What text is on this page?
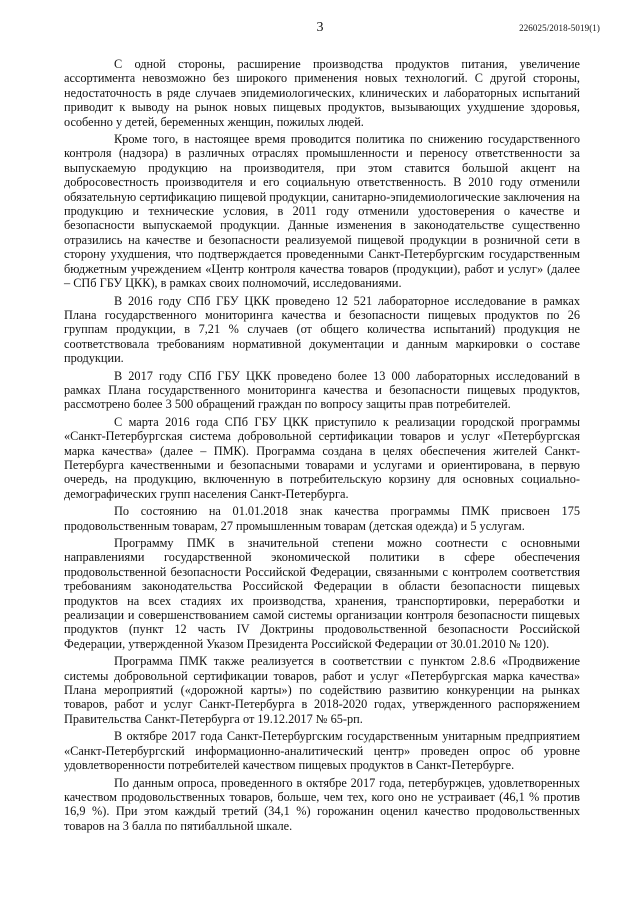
3	226025/2018-5019(1)

С одной стороны, расширение производства продуктов питания, увеличение ассортимента невозможно без широкого применения новых технологий. С другой стороны, недостаточность в ряде случаев эпидемиологических, клинических и лабораторных испытаний приводит к выводу на рынок новых пищевых продуктов, вызывающих ухудшение здоровья, особенно у детей, беременных женщин, пожилых людей.

Кроме того, в настоящее время проводится политика по снижению государственного контроля (надзора) в различных отраслях промышленности и переносу ответственности за выпускаемую продукцию на производителя, при этом ставится большой акцент на добросовестность производителя и его социальную ответственность. В 2010 году отменили обязательную сертификацию пищевой продукции, санитарно-эпидемиологические заключения на продукцию и технические условия, в 2011 году отменили удостоверения о качестве и безопасности выпускаемой продукции. Данные изменения в законодательстве существенно отразились на качестве и безопасности реализуемой пищевой продукции в розничной сети в сторону ухудшения, что подтверждается проведенными Санкт-Петербургским государственным бюджетным учреждением «Центр контроля качества товаров (продукции), работ и услуг» (далее – СПб ГБУ ЦКК), в рамках своих полномочий, исследованиями.

В 2016 году СПб ГБУ ЦКК проведено 12 521 лабораторное исследование в рамках Плана государственного мониторинга качества и безопасности пищевых продуктов по 26 группам продукции, в 7,21 % случаев (от общего количества испытаний) продукция не соответствовала требованиям нормативной документации и данным маркировки о составе продукции.

В 2017 году СПб ГБУ ЦКК проведено более 13 000 лабораторных исследований в рамках Плана государственного мониторинга качества и безопасности пищевых продуктов, рассмотрено более 3 500 обращений граждан по вопросу защиты прав потребителей.

С марта 2016 года СПб ГБУ ЦКК приступило к реализации городской программы «Санкт-Петербургская система добровольной сертификации товаров и услуг «Петербургская марка качества» (далее – ПМК). Программа создана в целях обеспечения жителей Санкт-Петербурга качественными и безопасными товарами и услугами и ориентирована, в первую очередь, на продукцию, включенную в потребительскую корзину для основных социально-демографических групп населения Санкт-Петербурга.

По состоянию на 01.01.2018 знак качества программы ПМК присвоен 175 продовольственным товарам, 27 промышленным товарам (детская одежда) и 5 услугам.

Программу ПМК в значительной степени можно соотнести с основными направлениями государственной экономической политики в сфере обеспечения продовольственной безопасности Российской Федерации, связанными с контролем соответствия требованиям законодательства Российской Федерации в области безопасности пищевых продуктов на всех стадиях их производства, хранения, транспортировки, переработки и реализации и совершенствованием самой системы организации контроля безопасности пищевых продуктов (пункт 12 часть IV Доктрины продовольственной безопасности Российской Федерации, утвержденной Указом Президента Российской Федерации от 30.01.2010 № 120).

Программа ПМК также реализуется в соответствии с пунктом 2.8.6 «Продвижение системы добровольной сертификации товаров, работ и услуг «Петербургская марка качества» Плана мероприятий («дорожной карты») по содействию развитию конкуренции на рынках товаров, работ и услуг Санкт-Петербурга в 2018-2020 годах, утвержденного распоряжением Правительства Санкт-Петербурга от 19.12.2017 № 65-рп.

В октябре 2017 года Санкт-Петербургским государственным унитарным предприятием «Санкт-Петербургский информационно-аналитический центр» проведен опрос об уровне удовлетворенности потребителей качеством пищевых продуктов в Санкт-Петербурге.

По данным опроса, проведенного в октябре 2017 года, петербуржцев, удовлетворенных качеством продовольственных товаров, больше, чем тех, кого оно не устраивает (46,1 % против 16,9 %). При этом каждый третий (34,1 %) горожанин оценил качество продовольственных товаров на 3 балла по пятибалльной шкале.
